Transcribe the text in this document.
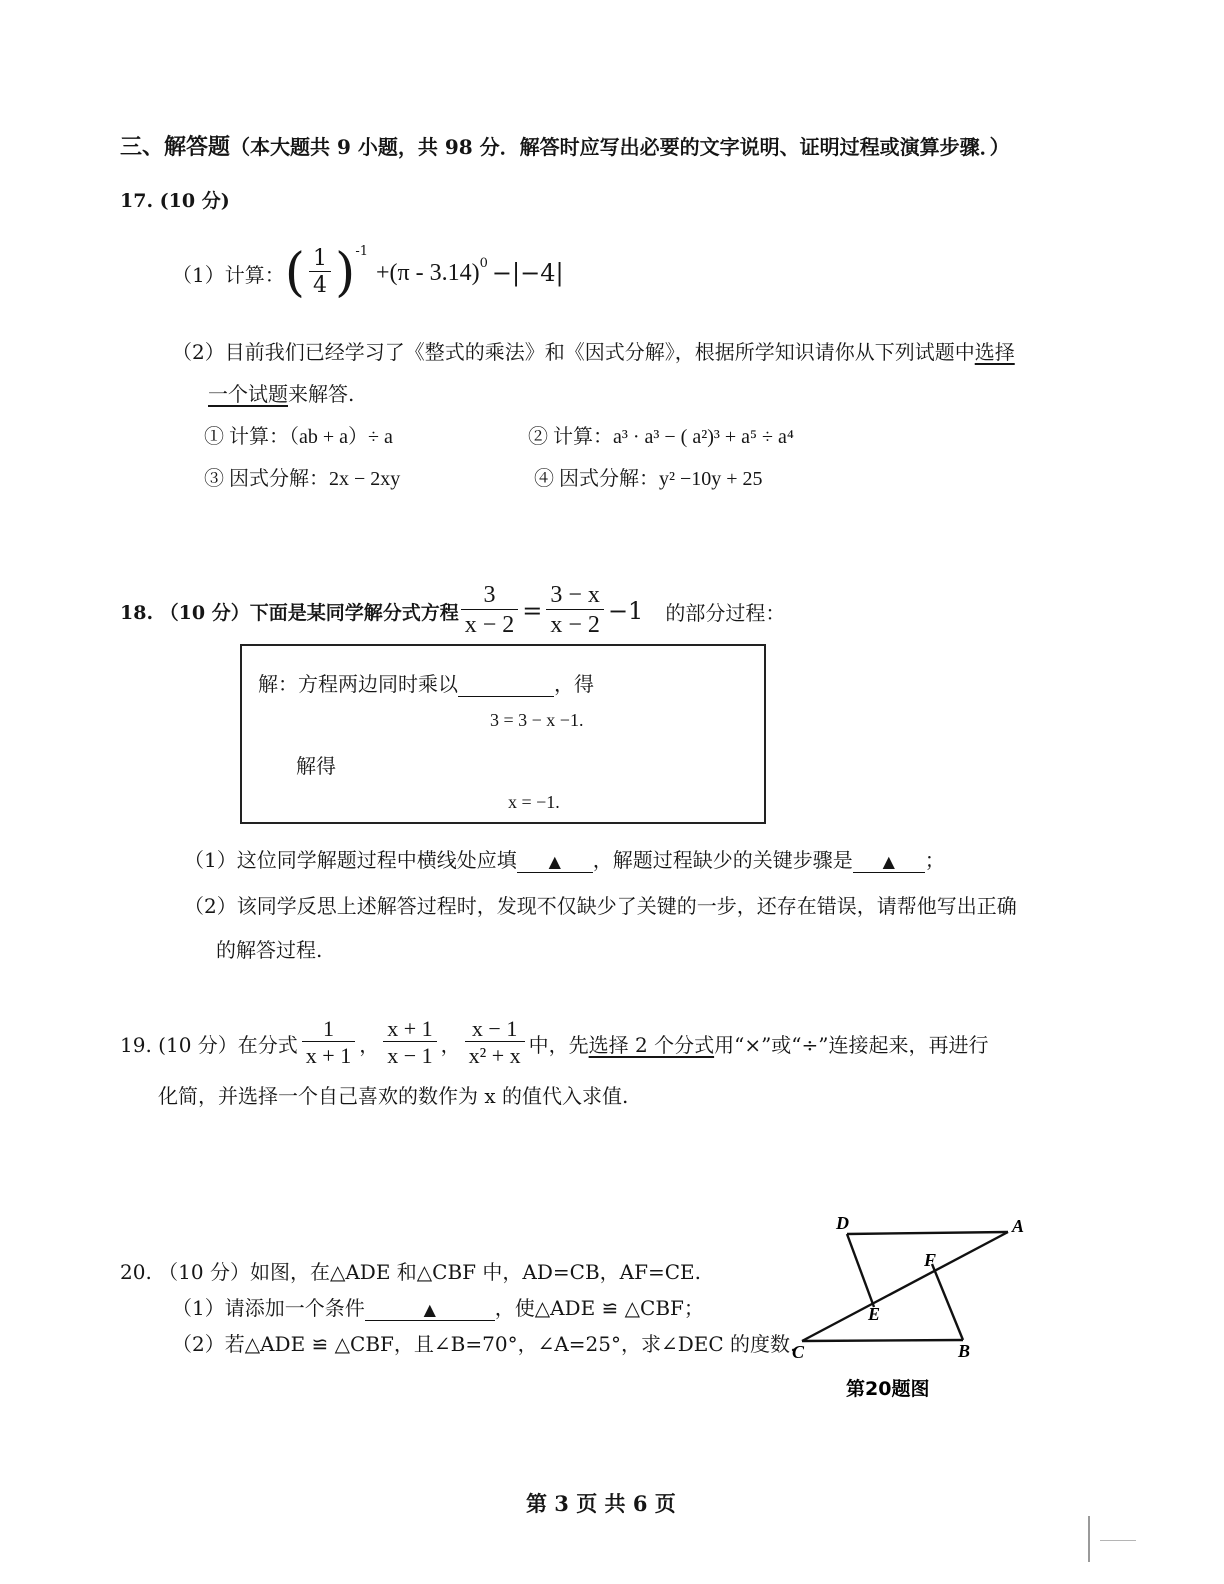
三、解答题（本大题共 9 小题，共 98 分．解答时应写出必要的文字说明、证明过程或演算步骤．）
17. (10 分)
（1）计算： ( $\frac{1}{4} )^{-1}$
+(π - 3.14)$^0$ −|−4|
（2）目前我们已经学习了《整式的乘法》和《因式分解》，根据所学知识请你从下列试题中选择
一个试题来解答.
① 计算：（ab + a）÷ a	② 计算：a³ · a³ − ( a²)³ + a⁵ ÷ a⁴
③ 因式分解：2x − 2xy	④ 因式分解：y² −10y + 25
18. （10 分）下面是某同学解分式方程 $\frac{3}{x - 2} = \frac{3 - x}{x - 2} -1$ 的部分过程：
解：方程两边同时乘以	，得
3 = 3 − x −1.
解得
x = −1.
（1）这位同学解题过程中横线处应填 ▲ ，解题过程缺少的关键步骤是 ▲ ；
（2）该同学反思上述解答过程时，发现不仅缺少了关键的一步，还存在错误，请帮他写出正确
的解答过程.
19. (10 分）在分式 $\frac{1}{x + 1}$ ， $\frac{x + 1}{x - 1}$ ， $\frac{x - 1}{\text{x² + x}}$ 中，先 选择 2 个分式 用“×”或“÷”连接起来，再进行
化简，并选择一个自己喜欢的数作为 x 的值代入求值.
20. （10 分）如图，在△ADE 和△CBF 中，AD=CB，AF=CE.
（1）请添加一个条件	▲	，使△ADE ≌ △CBF；
（2）若△ADE ≌ △CBF，且∠B=70°，∠A=25°，求∠DEC 的度数.
D	A
F
E
C	B
第20题图
第 3 页 共 6 页
